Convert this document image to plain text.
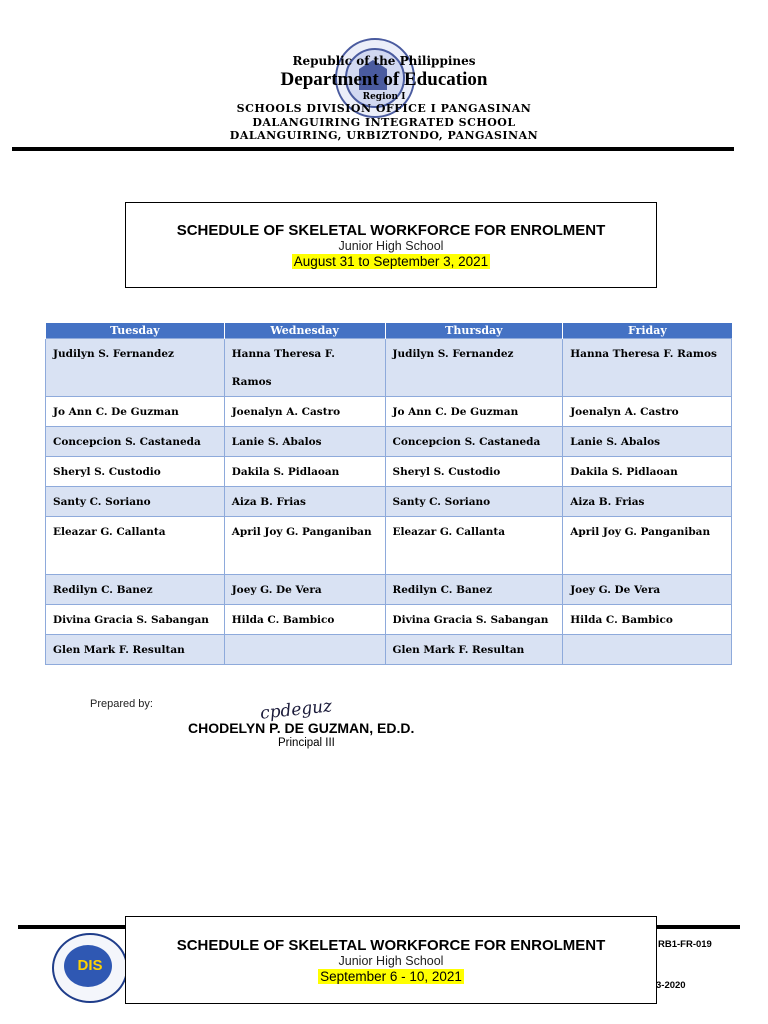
Republic of the Philippines
Department of Education
Region I
SCHOOLS DIVISION OFFICE I PANGASINAN
DALANGUIRING INTEGRATED SCHOOL
DALANGUIRING, URBIZTONDO, PANGASINAN
SCHEDULE OF SKELETAL WORKFORCE FOR ENROLMENT
Junior High School
August 31 to September 3, 2021
Tuesday	Wednesday	Thursday	Friday
Judilyn S. Fernandez	Hanna Theresa F. Ramos	Judilyn S. Fernandez	Hanna Theresa F. Ramos
Jo Ann C. De Guzman	Joenalyn A. Castro	Jo Ann C. De Guzman	Joenalyn A. Castro
Concepcion S. Castaneda	Lanie S. Abalos	Concepcion S. Castaneda	Lanie S. Abalos
Sheryl S. Custodio	Dakila S. Pidlaoan	Sheryl S. Custodio	Dakila S. Pidlaoan
Santy C. Soriano	Aiza B. Frias	Santy C. Soriano	Aiza B. Frias
Eleazar G. Callanta	April Joy G. Panganiban	Eleazar G. Callanta	April Joy G. Panganiban
Redilyn C. Banez	Joey G. De Vera	Redilyn C. Banez	Joey G. De Vera
Divina Gracia S. Sabangan	Hilda C. Bambico	Divina Gracia S. Sabangan	Hilda C. Bambico
Glen Mark F. Resultan		Glen Mark F. Resultan	
Prepared by:	cpdeguz
CHODELYN P. DE GUZMAN, ED.D.
Principal III
DIS
SCHEDULE OF SKELETAL WORKFORCE FOR ENROLMENT
Junior High School
September 6 - 10, 2021
RB1-FR-019
3-2020
